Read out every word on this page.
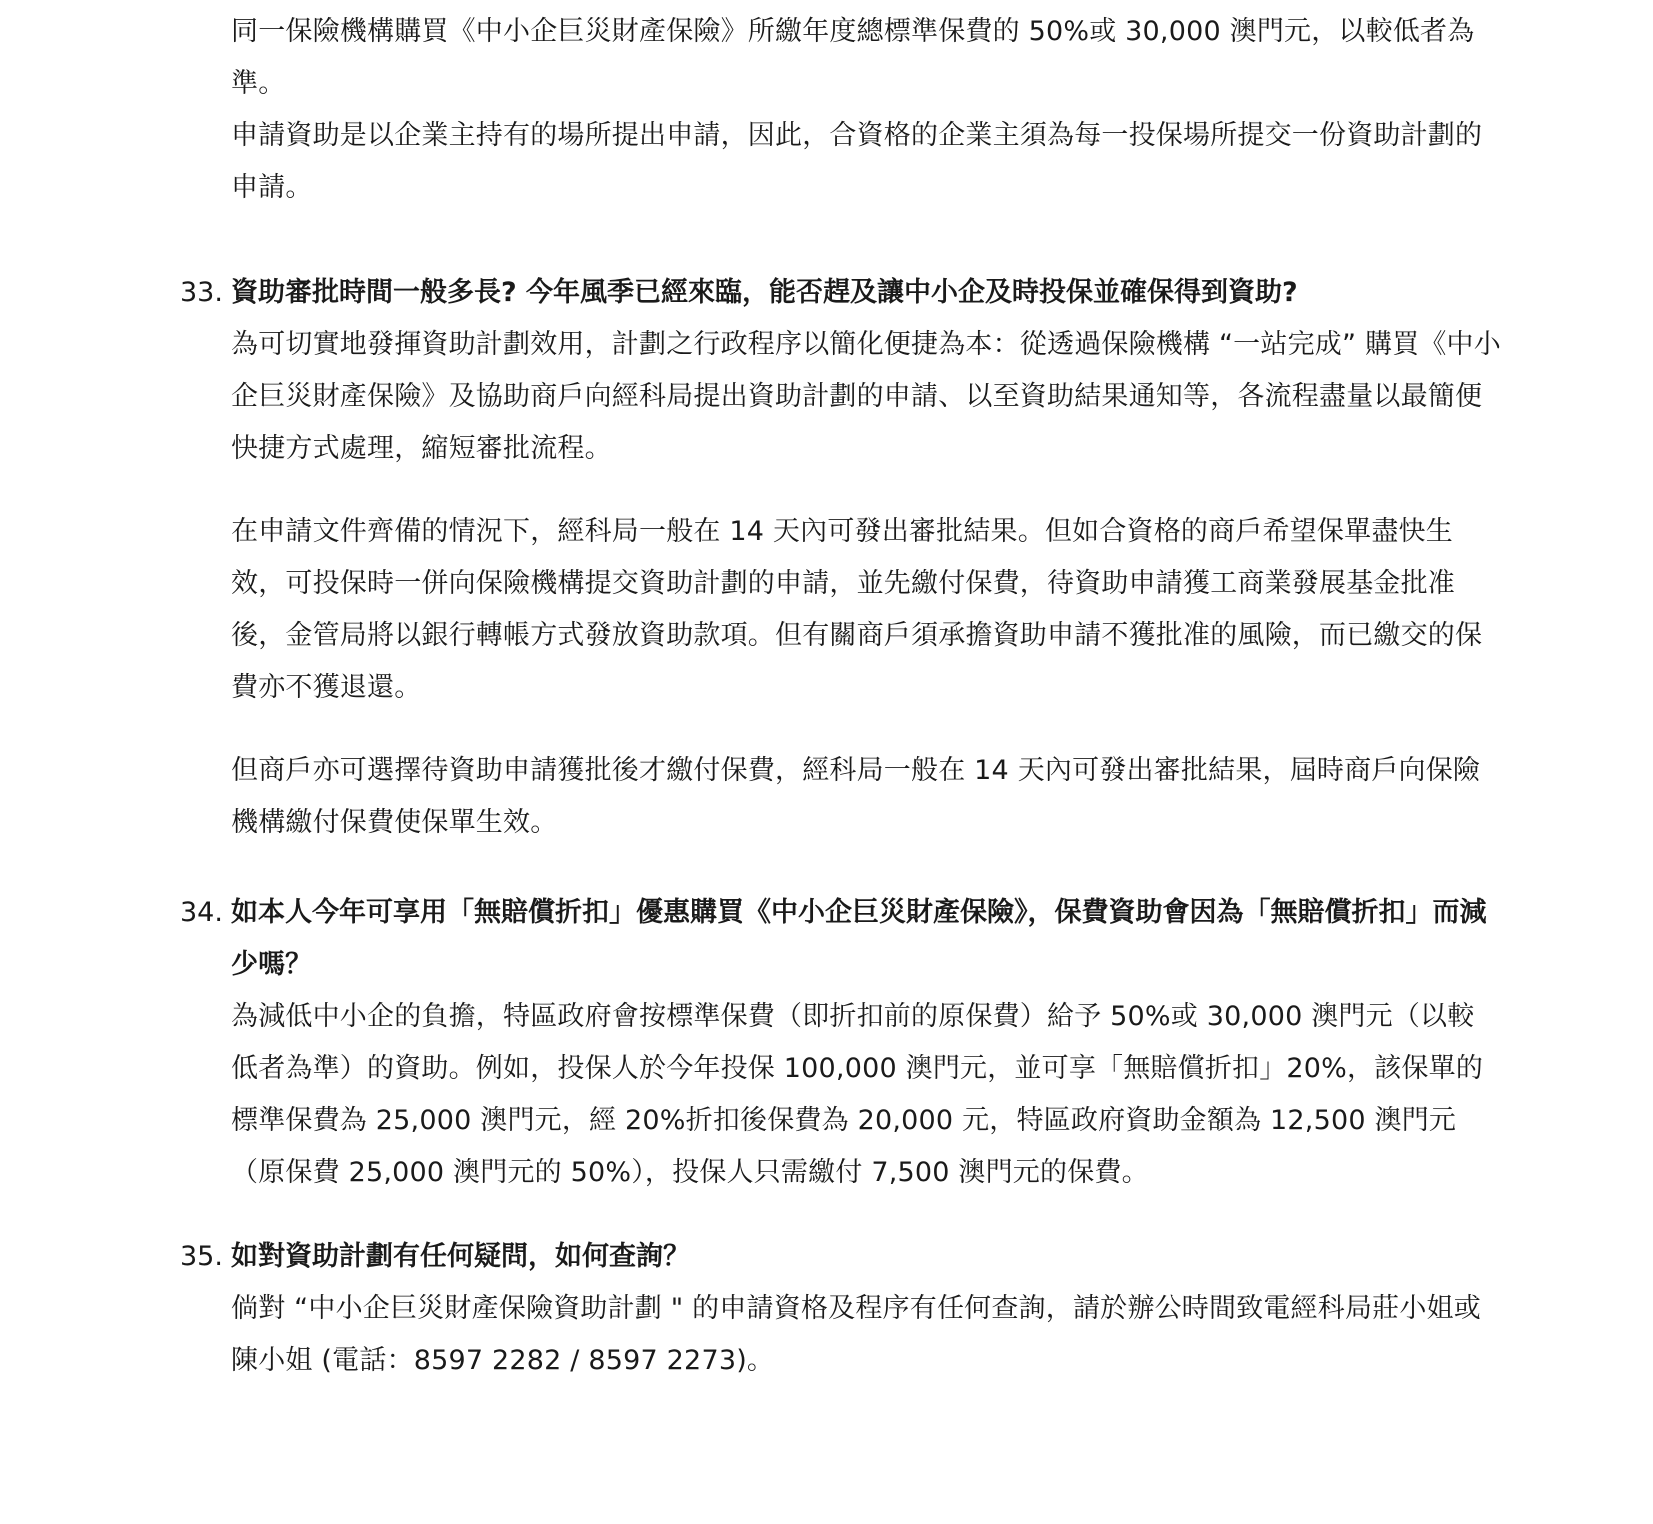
同一保險機構購買《中小企巨災財產保險》所繳年度總標準保費的 50%或 30,000 澳門元，以較低者為準。

申請資助是以企業主持有的場所提出申請，因此，合資格的企業主須為每一投保場所提交一份資助計劃的申請。

33. 資助審批時間一般多長? 今年風季已經來臨，能否趕及讓中小企及時投保並確保得到資助?

為可切實地發揮資助計劃效用，計劃之行政程序以簡化便捷為本：從透過保險機構 “一站完成” 購買《中小企巨災財產保險》及協助商戶向經科局提出資助計劃的申請、以至資助結果通知等，各流程盡量以最簡便快捷方式處理，縮短審批流程。

在申請文件齊備的情況下，經科局一般在 14 天內可發出審批結果。但如合資格的商戶希望保單盡快生效，可投保時一併向保險機構提交資助計劃的申請，並先繳付保費，待資助申請獲工商業發展基金批准後，金管局將以銀行轉帳方式發放資助款項。但有關商戶須承擔資助申請不獲批准的風險，而已繳交的保費亦不獲退還。

但商戶亦可選擇待資助申請獲批後才繳付保費，經科局一般在 14 天內可發出審批結果，屆時商戶向保險機構繳付保費使保單生效。

34. 如本人今年可享用「無賠償折扣」優惠購買《中小企巨災財產保險》，保費資助會因為「無賠償折扣」而減少嗎？

為減低中小企的負擔，特區政府會按標準保費（即折扣前的原保費）給予 50%或 30,000 澳門元（以較低者為準）的資助。例如，投保人於今年投保 100,000 澳門元，並可享「無賠償折扣」20%，該保單的標準保費為 25,000 澳門元，經 20%折扣後保費為 20,000 元，特區政府資助金額為 12,500 澳門元（原保費 25,000 澳門元的 50%），投保人只需繳付 7,500 澳門元的保費。

35. 如對資助計劃有任何疑問，如何查詢？

倘對 “中小企巨災財產保險資助計劃 " 的申請資格及程序有任何查詢，請於辦公時間致電經科局莊小姐或陳小姐 (電話：8597 2282 / 8597 2273)。
